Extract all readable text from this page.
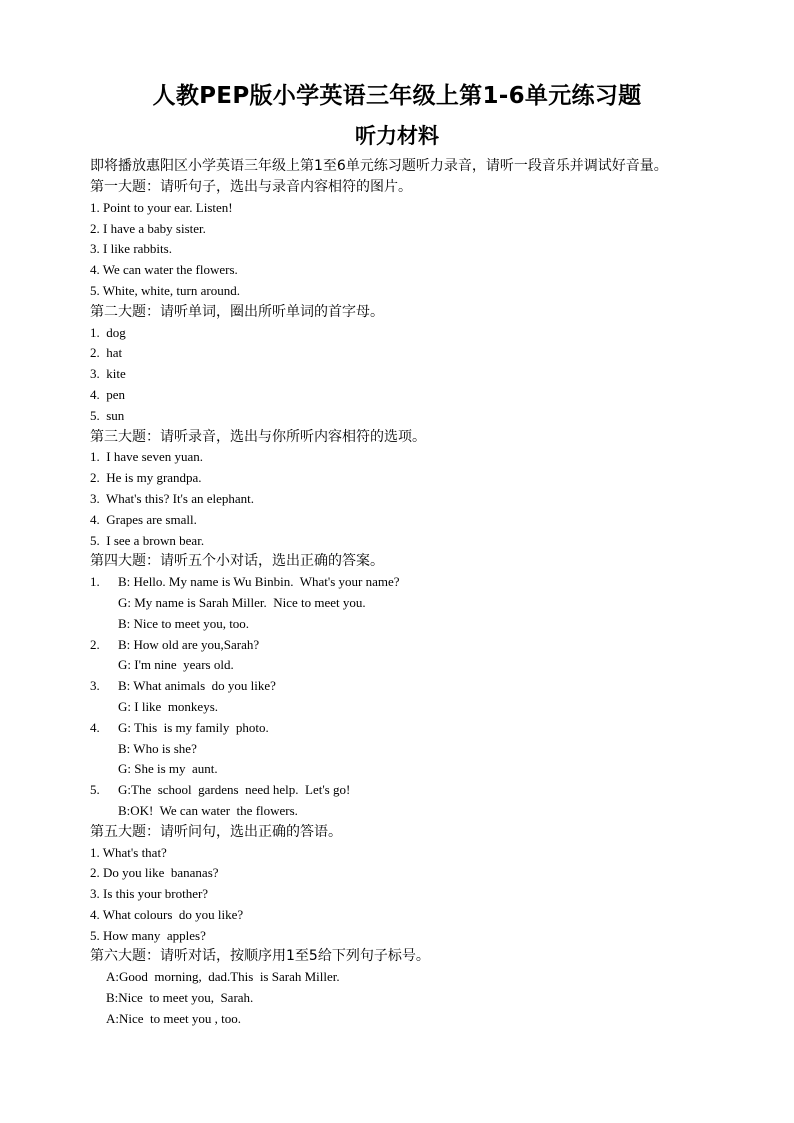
人教PEP版小学英语三年级上第1-6单元练习题
听力材料
即将播放惠阳区小学英语三年级上第1至6单元练习题听力录音，请听一段音乐并调试好音量。
第一大题：请听句子，选出与录音内容相符的图片。
1. Point to your ear. Listen!
2. I have a baby sister.
3. I like rabbits.
4. We can water the flowers.
5. White, white, turn around.
第二大题：请听单词，圈出所听单词的首字母。
1.  dog
2.  hat
3.  kite
4.  pen
5.  sun
第三大题：请听录音，选出与你所听内容相符的选项。
1.  I have seven yuan.
2.  He is my grandpa.
3.  What's this? It's an elephant.
4.  Grapes are small.
5.  I see a brown bear.
第四大题：请听五个小对话，选出正确的答案。
1.	B: Hello. My name is Wu Binbin.  What's your name?
G: My name is Sarah Miller.  Nice to meet you.
B: Nice to meet you, too.
2.	B: How old are you,Sarah?
G: I'm nine  years old.
3.	B: What animals  do you like?
G: I like  monkeys.
4.	G: This  is my family  photo.
B: Who is she?
G: She is my  aunt.
5.	G:The  school  gardens  need help.  Let's go!
B:OK!  We can water  the flowers.
第五大题：请听问句，选出正确的答语。
1. What's that?
2. Do you like  bananas?
3. Is this your brother?
4. What colours  do you like?
5. How many  apples?
第六大题：请听对话，按顺序用1至5给下列句子标号。
A:Good  morning,  dad.This  is Sarah Miller.
B:Nice  to meet you,  Sarah.
A:Nice  to meet you , too.
